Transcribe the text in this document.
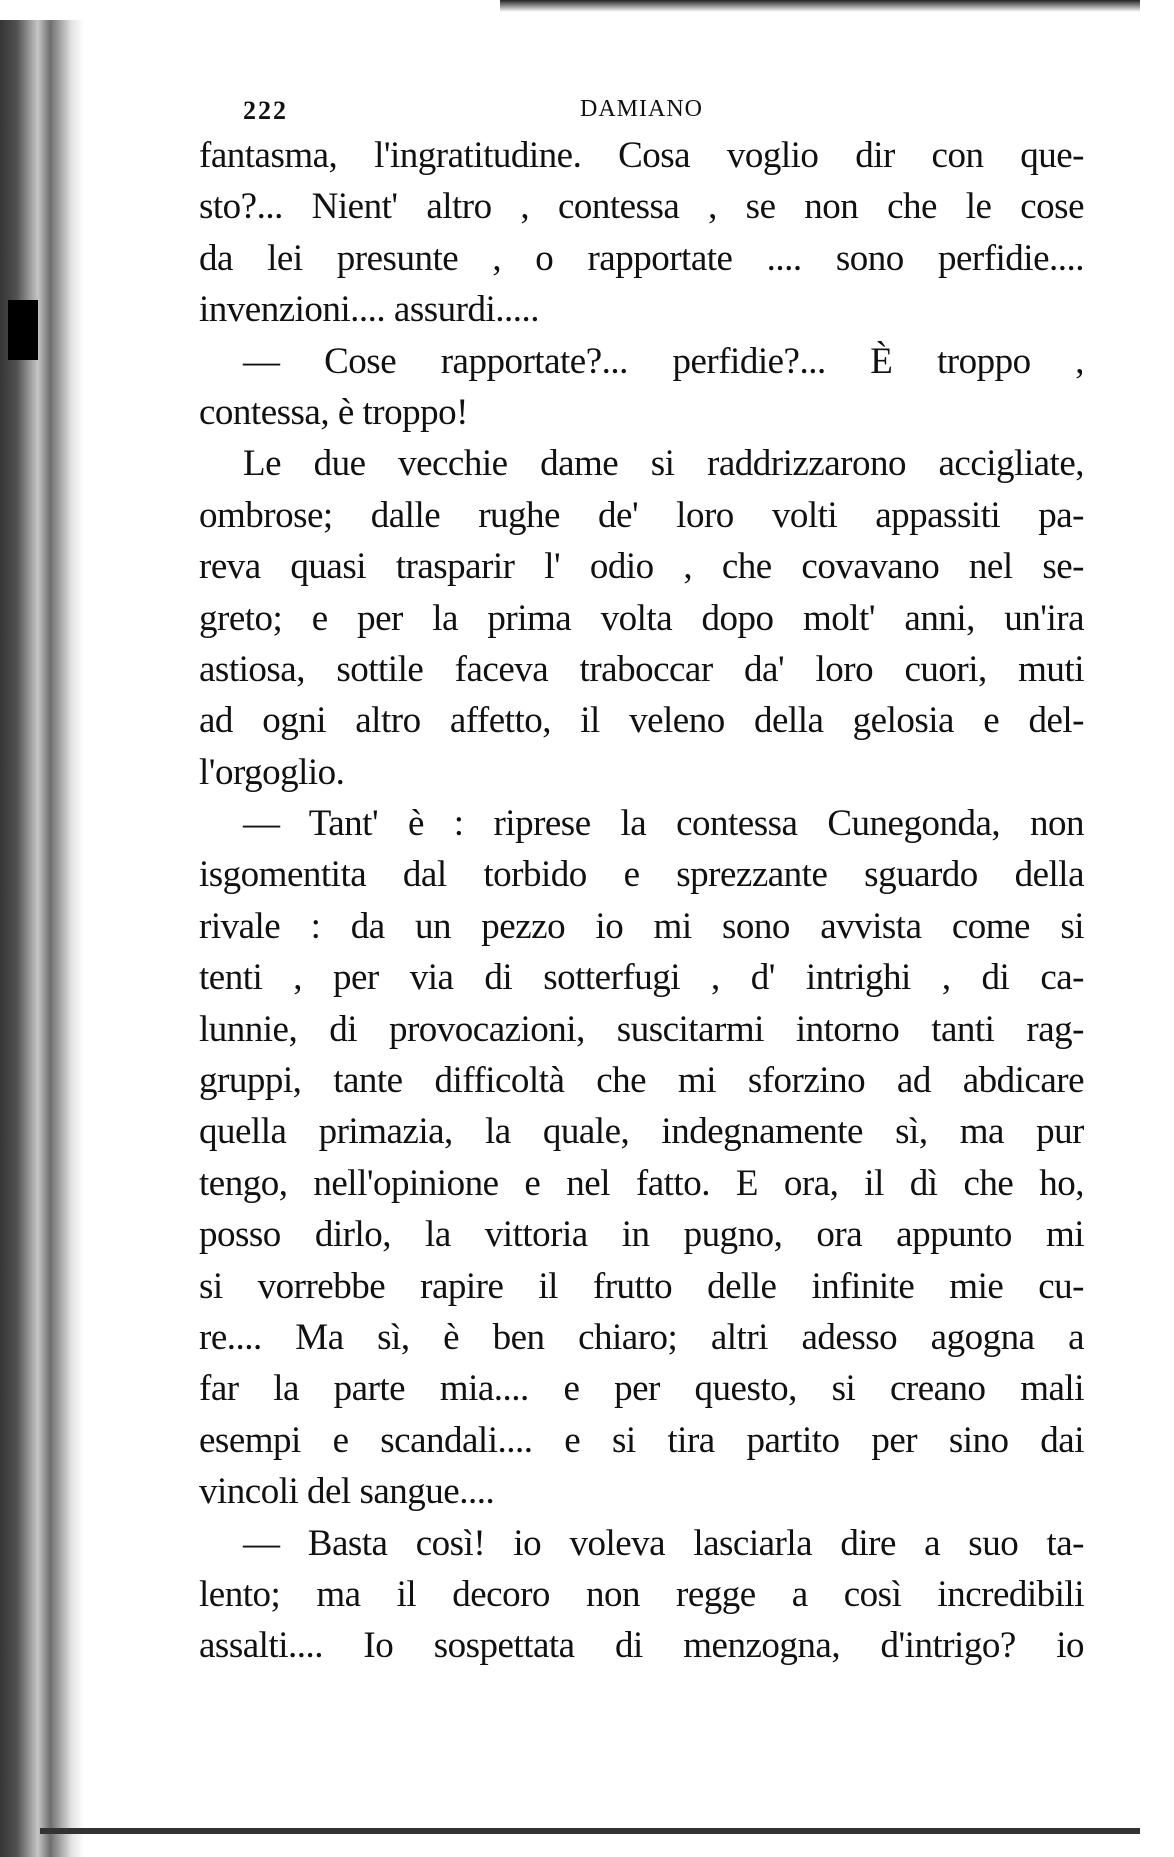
222	DAMIANO
fantasma, l'ingratitudine. Cosa voglio dir con que-
sto?... Nient' altro , contessa , se non che le cose
da lei presunte , o rapportate .... sono perfidie....
invenzioni.... assurdi.....
— Cose rapportate?... perfidie?... È troppo ,
contessa, è troppo!
Le due vecchie dame si raddrizzarono accigliate,
ombrose; dalle rughe de' loro volti appassiti pa-
reva quasi trasparir l' odio , che covavano nel se-
greto; e per la prima volta dopo molt' anni, un'ira
astiosa, sottile faceva traboccar da' loro cuori, muti
ad ogni altro affetto, il veleno della gelosia e del-
l'orgoglio.
— Tant' è : riprese la contessa Cunegonda, non
isgomentita dal torbido e sprezzante sguardo della
rivale : da un pezzo io mi sono avvista come si
tenti , per via di sotterfugi , d' intrighi , di ca-
lunnie, di provocazioni, suscitarmi intorno tanti rag-
gruppi, tante difficoltà che mi sforzino ad abdicare
quella primazia, la quale, indegnamente sì, ma pur
tengo, nell'opinione e nel fatto. E ora, il dì che ho,
posso dirlo, la vittoria in pugno, ora appunto mi
si vorrebbe rapire il frutto delle infinite mie cu-
re.... Ma sì, è ben chiaro; altri adesso agogna a
far la parte mia.... e per questo, si creano mali
esempi e scandali.... e si tira partito per sino dai
vincoli del sangue....
— Basta così! io voleva lasciarla dire a suo ta-
lento; ma il decoro non regge a così incredibili
assalti.... Io sospettata di menzogna, d'intrigo? io
